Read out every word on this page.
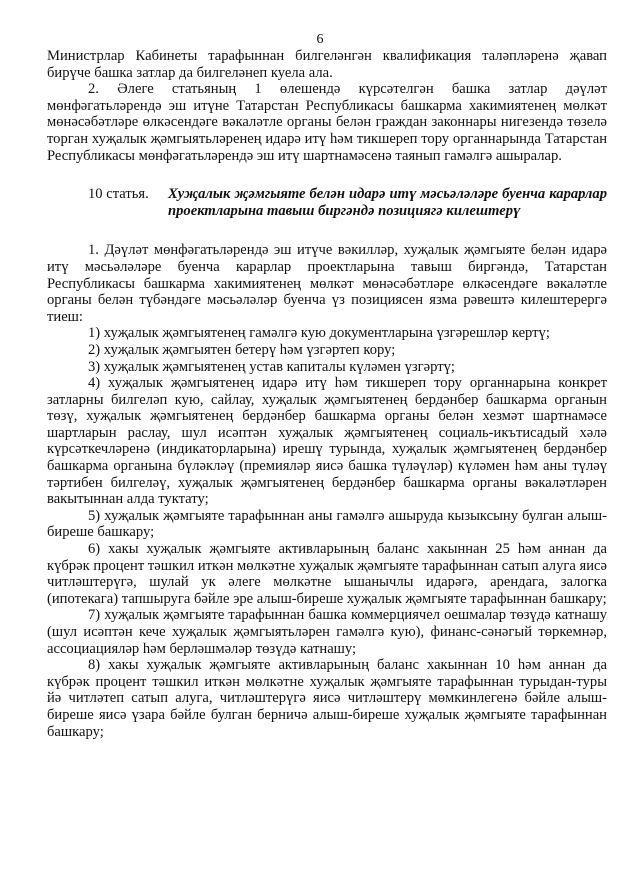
6

Министрлар Кабинеты тарафыннан билгеләнгән квалификация таләпләренә җавап бирүче башка затлар да билгеләнеп куела ала.

2. Әлеге статьяның 1 өлешендә күрсәтелгән башка затлар дәүләт мөнфәгатьләрендә эш итүне Татарстан Республикасы башкарма хакимиятенең мөлкәт мөнәсәбәтләре өлкәсендәге вәкаләтле органы белән граждан законнары нигезендә төзелә торган хуҗалык җәмгыятьләренең идарә итү һәм тикшереп тору органнарында Татарстан Республикасы мөнфәгатьләрендә эш итү шартнамәсенә таянып гамәлгә ашыралар.

10 статья.	Хуҗалык җәмгыяте белән идарә итү мәсьәләләре буенча карарлар проектларына тавыш биргәндә позициягә килештерү

1. Дәүләт мөнфәгатьләрендә эш итүче вәкилләр, хуҗалык җәмгыяте белән идарә итү мәсьәләләре буенча карарлар проектларына тавыш биргәндә, Татарстан Республикасы башкарма хакимиятенең мөлкәт мөнәсәбәтләре өлкәсендәге вәкаләтле органы белән түбәндәге мәсьәләләр буенча үз позициясен язма рәвештә килештерергә тиеш:

1) хуҗалык җәмгыятенең гамәлгә кую документларына үзгәрешләр кертү;

2) хуҗалык җәмгыятен бетерү һәм үзгәртеп кору;

3) хуҗалык җәмгыятенең устав капиталы күләмен үзгәртү;

4) хуҗалык җәмгыятенең идарә итү һәм тикшереп тору органнарына конкрет затларны билгеләп кую, сайлау, хуҗалык җәмгыятенең бердәнбер башкарма органын төзү, хуҗалык җәмгыятенең бердәнбер башкарма органы белән хезмәт шартнамәсе шартларын раслау, шул исәптән хуҗалык җәмгыятенең социаль-икътисадый хәлә күрсәткечләренә (индикаторларына) ирешү турында, хуҗалык җәмгыятенең бердәнбер башкарма органына бүләкләү (премияләр яисә башка түләүләр) күләмен һәм аны түләү тәртибен билгеләү, хуҗалык җәмгыятенең бердәнбер башкарма органы вәкаләтләрен вакытыннан алда туктату;

5) хуҗалык җәмгыяте тарафыннан аны гамәлгә ашыруда кызыксыну булган алыш-биреше башкару;

6) хакы хуҗалык җәмгыяте активларының баланс хакыннан 25 һәм аннан да күбрәк процент тәшкил иткән мөлкәтне хуҗалык җәмгыяте тарафыннан сатып алуга яисә читләштерүгә, шулай ук әлеге мөлкәтне ышанычлы идарәгә, арендага, залогка (ипотекага) тапшыруга бәйле эре алыш-биреше хуҗалык җәмгыяте тарафыннан башкару;

7) хуҗалык җәмгыяте тарафыннан башка коммерциячел оешмалар төзүдә катнашу (шул исәптән кече хуҗалык җәмгыятьләрен гамәлгә кую), финанс-сәнәгый төркемнәр, ассоциацияләр һәм берләшмәләр төзүдә катнашу;

8) хакы хуҗалык җәмгыяте активларының баланс хакыннан 10 һәм аннан да күбрәк процент тәшкил иткән мөлкәтне хуҗалык җәмгыяте тарафыннан турыдан-туры йә читләтеп сатып алуга, читләштерүгә яисә читләштерү мөмкинлегенә бәйле алыш-биреше яисә үзара бәйле булган берничә алыш-биреше хуҗалык җәмгыяте тарафыннан башкару;
